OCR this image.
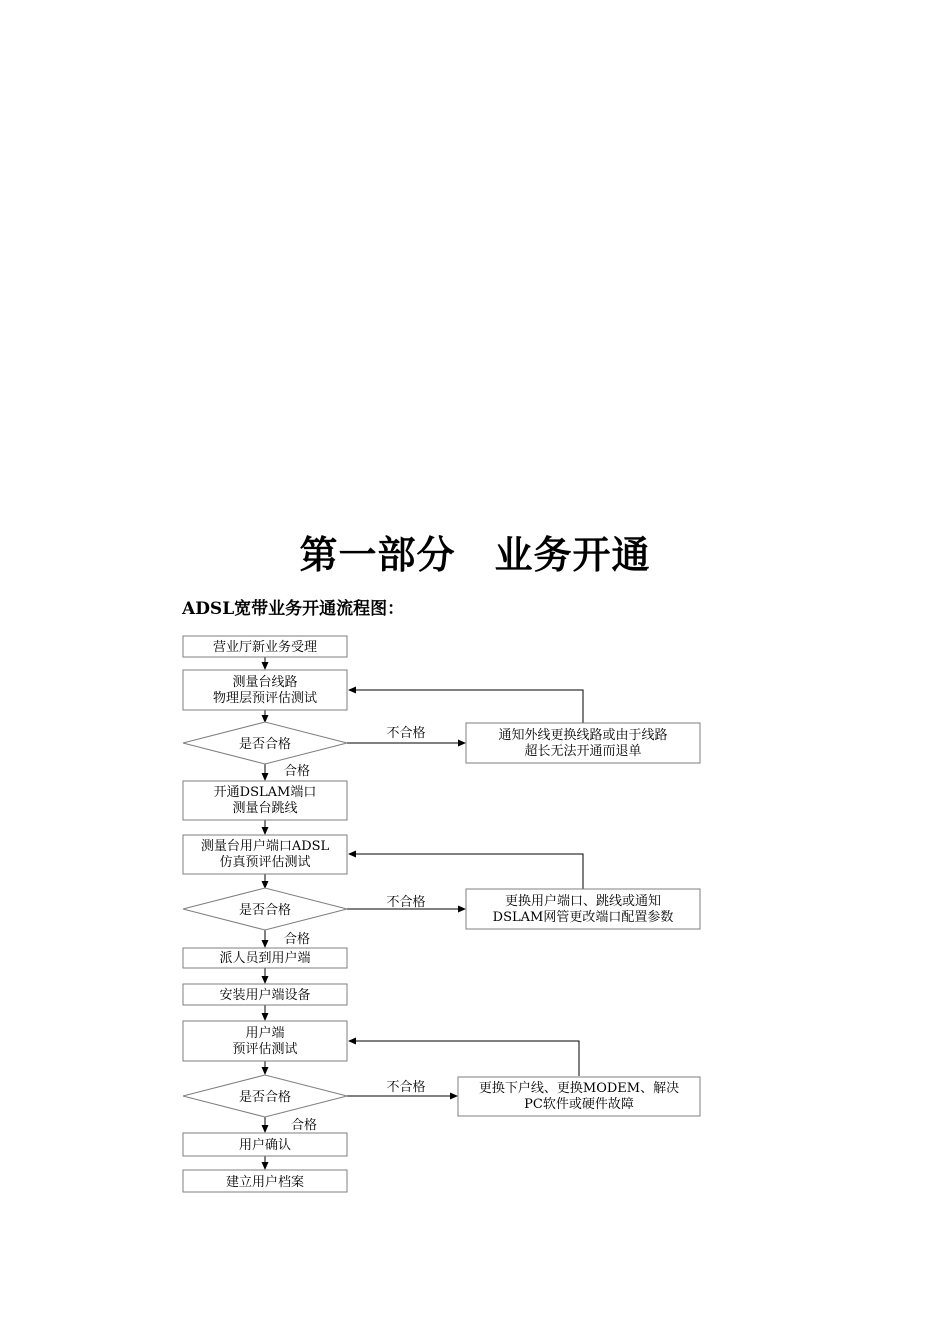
第一部分　业务开通
ADSL宽带业务开通流程图：
营业厅新业务受理
测量台线路
物理层预评估测试
是否合格
不合格
合格
通知外线更换线路或由于线路
超长无法开通而退单
开通DSLAM端口
测量台跳线
测量台用户端口ADSL
仿真预评估测试
是否合格
不合格
合格
更换用户端口、跳线或通知
DSLAM网管更改端口配置参数
派人员到用户端
安装用户端设备
用户端
预评估测试
是否合格
不合格
合格
更换下户线、更换MODEM、解决
PC软件或硬件故障
用户确认
建立用户档案
